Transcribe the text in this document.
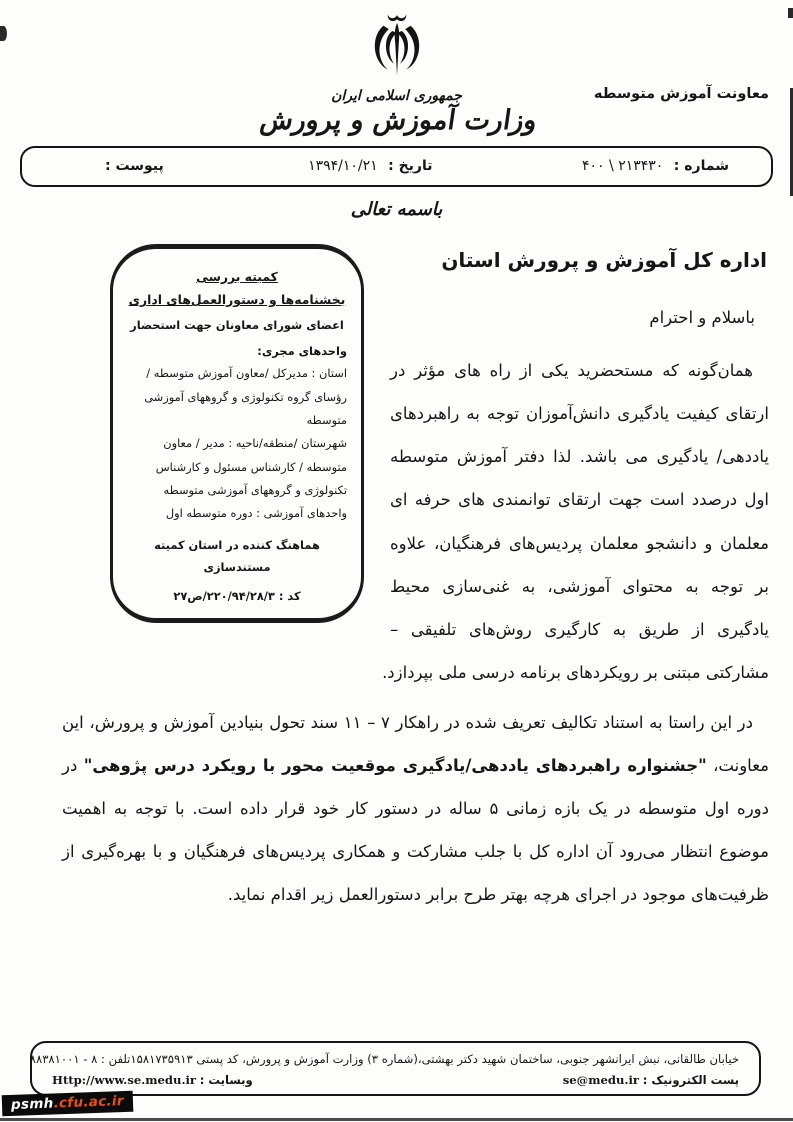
جمهوری اسلامی ایران
وزارت آموزش و پرورش
معاونت آموزش متوسطه
شماره : ۲۱۳۴۳۰ \ ۴۰۰
تاریخ : ۱۳۹۴/۱۰/۲۱
پیوست :
باسمه تعالی
کمیته بررسی
بخشنامه‌ها و دستورالعمل‌های اداری
اعضای شورای معاونان جهت استحضار
واحدهای مجری:
استان : مدیرکل /معاون آموزش متوسطه /رؤسای گروه تکنولوژی و گروههای آموزشی متوسطه
شهرستان /منطقه/ناحیه : مدیر / معاون متوسطه / کارشناس مسئول و کارشناس تکنولوژی و گروههای آموزشی متوسطه
واحدهای آموزشی : دوره متوسطه اول
هماهنگ کننده در استان کمیته مستندسازی
کد : ۲۲۰/۹۴/۲۸/۳/ص۲۷
اداره کل آموزش و پرورش استان

باسلام و احترام

همان‌گونه که مستحضرید یکی از راه های مؤثر در ارتقای کیفیت یادگیری دانش‌آموزان توجه به راهبردهای یاددهی/ یادگیری می باشد. لذا دفتر آموزش متوسطه اول درصدد است جهت ارتقای توانمندی های حرفه ای معلمان و دانشجو معلمان پردیس‌های فرهنگیان، علاوه بر توجه به محتوای آموزشی، به غنی‌سازی محیط یادگیری از طریق به کارگیری روش‌های تلفیقی – مشارکتی مبتنی بر رویکردهای برنامه درسی ملی بپردازد.

در این راستا به استناد تکالیف تعریف شده در راهکار ۷ – ۱۱ سند تحول بنیادین آموزش و پرورش، این معاونت، "جشنواره راهبردهای یاددهی/یادگیری موقعیت محور با رویکرد درس پژوهی" در دوره اول متوسطه در یک بازه زمانی ۵ ساله در دستور کار خود قرار داده است. با توجه به اهمیت موضوع انتظار می‌رود آن اداره کل با جلب مشارکت و همکاری پردیس‌های فرهنگیان و با بهره‌گیری از ظرفیت‌های موجود در اجرای هرچه بهتر طرح برابر دستورالعمل زیر اقدام نماید.

خیابان طالقانی، نبش ایرانشهر جنوبی، ساختمان شهید دکتر بهشتی،(شماره ۳) وزارت آموزش و پرورش، کد پستی ۱۵۸۱۷۳۵۹۱۳
تلفن : ۸ - ۸۸۳۸۱۰۰۱
پست الکترونیک : se@medu.ir
وبسایت : Http://www.se.medu.ir
psmh.cfu.ac.ir
